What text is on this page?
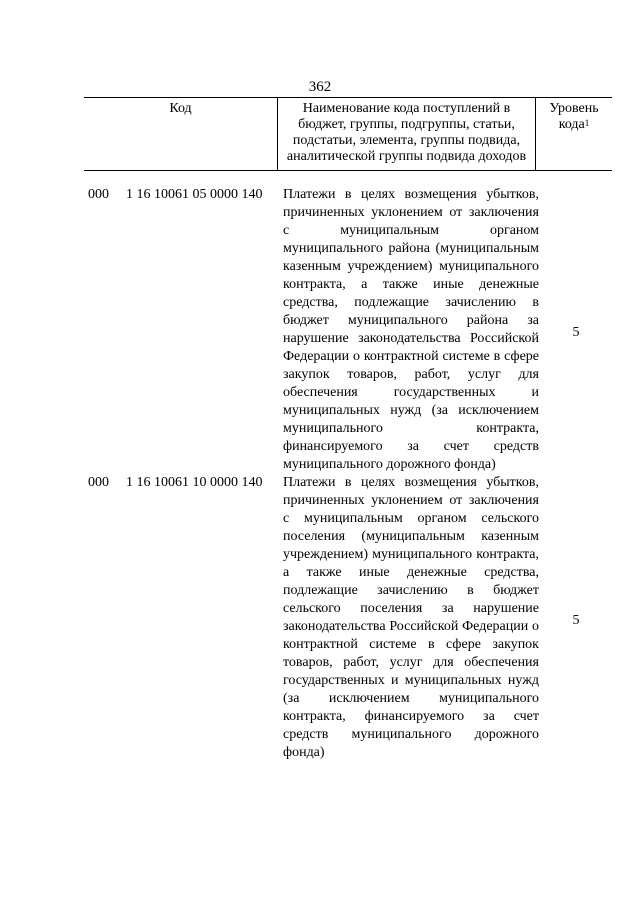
362
Код	Наименование кода поступлений в бюджет, группы, подгруппы, статьи, подстатьи, элемента, группы подвида, аналитической группы подвида доходов
Уровень кода$^1$
000 1 16 10061 05 0000 140 Платежи в целях возмещения убытков, причиненных уклонением от заключения с муниципальным органом муниципального района (муниципальным казенным учреждением) муниципального контракта, а также иные денежные средства, подлежащие зачислению в бюджет муниципального района за нарушение законодательства Российской Федерации о контрактной системе в сфере закупок товаров, работ, услуг для обеспечения государственных и муниципальных нужд (за исключением муниципального контракта, финансируемого за счет средств муниципального дорожного фонда)
5
000 1 16 10061 10 0000 140 Платежи в целях возмещения убытков, причиненных уклонением от заключения с муниципальным органом сельского поселения (муниципальным казенным учреждением) муниципального контракта, а также иные денежные средства, подлежащие зачислению в бюджет сельского поселения за нарушение законодательства Российской Федерации о контрактной системе в сфере закупок товаров, работ, услуг для обеспечения государственных и муниципальных нужд (за исключением муниципального контракта, финансируемого за счет средств муниципального дорожного фонда)
5
